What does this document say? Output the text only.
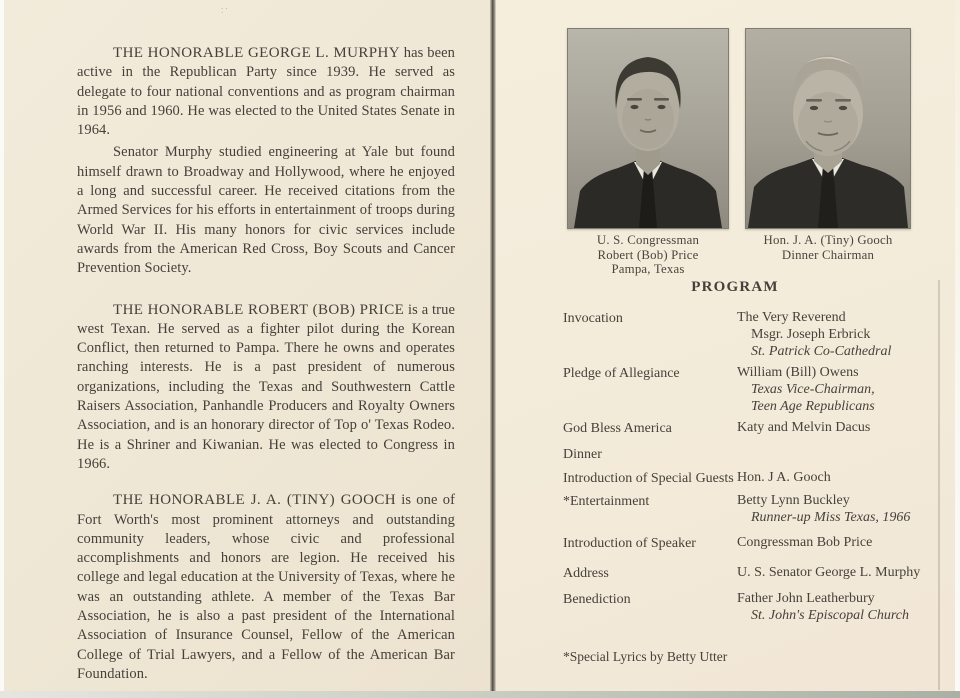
THE HONORABLE GEORGE L. MURPHY has been active in the Republican Party since 1939. He served as delegate to four national conventions and as program chairman in 1956 and 1960. He was elected to the United States Senate in 1964.

Senator Murphy studied engineering at Yale but found himself drawn to Broadway and Hollywood, where he enjoyed a long and successful career. He received citations from the Armed Services for his efforts in entertainment of troops during World War II. His many honors for civic services include awards from the American Red Cross, Boy Scouts and Cancer Prevention Society.

THE HONORABLE ROBERT (BOB) PRICE is a true west Texan. He served as a fighter pilot during the Korean Conflict, then returned to Pampa. There he owns and operates ranching interests. He is a past president of numerous organizations, including the Texas and Southwestern Cattle Raisers Association, Panhandle Producers and Royalty Owners Association, and is an honorary director of Top o' Texas Rodeo. He is a Shriner and Kiwanian. He was elected to Congress in 1966.

THE HONORABLE J. A. (TINY) GOOCH is one of Fort Worth's most prominent attorneys and outstanding community leaders, whose civic and professional accomplishments and honors are legion. He received his college and legal education at the University of Texas, where he was an outstanding athlete. A member of the Texas Bar Association, he is also a past president of the International Association of Insurance Counsel, Fellow of the American College of Trial Lawyers, and a Fellow of the American Bar Foundation.

U. S. Congressman
Robert (Bob) Price
Pampa, Texas
Hon. J. A. (Tiny) Gooch
Dinner Chairman
PROGRAM
Invocation	The Very Reverend
Msgr. Joseph Erbrick
St. Patrick Co-Cathedral
Pledge of Allegiance	William (Bill) Owens
Texas Vice-Chairman,
Teen Age Republicans
God Bless America	Katy and Melvin Dacus
Dinner
Introduction of Special Guests Hon. J A. Gooch
*Entertainment	Betty Lynn Buckley
Runner-up Miss Texas, 1966
Introduction of Speaker	Congressman Bob Price
Address	U. S. Senator George L. Murphy
Benediction	Father John Leatherbury
St. John's Episcopal Church
*Special Lyrics by Betty Utter
·· ·
